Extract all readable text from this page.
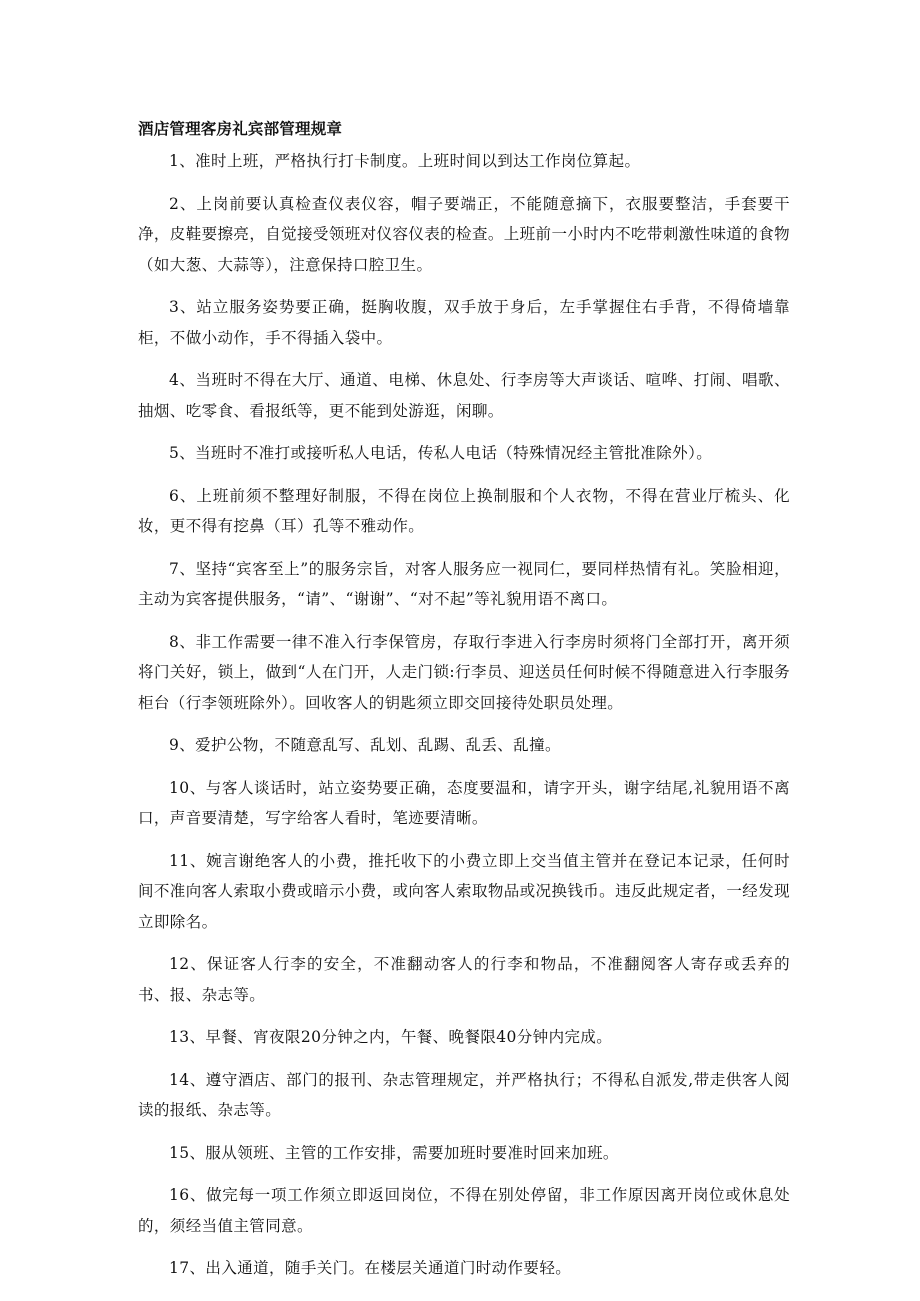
酒店管理客房礼宾部管理规章

1、准时上班，严格执行打卡制度。上班时间以到达工作岗位算起。

2、上岗前要认真检查仪表仪容，帽子要端正，不能随意摘下，衣服要整洁，手套要干净，皮鞋要擦亮，自觉接受领班对仪容仪表的检查。上班前一小时内不吃带刺激性味道的食物（如大葱、大蒜等），注意保持口腔卫生。

3、站立服务姿势要正确，挺胸收腹，双手放于身后，左手掌握住右手背，不得倚墙靠柜，不做小动作，手不得插入袋中。

4、当班时不得在大厅、通道、电梯、休息处、行李房等大声谈话、喧哗、打闹、唱歌、抽烟、吃零食、看报纸等，更不能到处游逛，闲聊。

5、当班时不准打或接听私人电话，传私人电话（特殊情况经主管批准除外）。

6、上班前须不整理好制服，不得在岗位上换制服和个人衣物，不得在营业厅梳头、化妆，更不得有挖鼻（耳）孔等不雅动作。

7、坚持“宾客至上”的服务宗旨，对客人服务应一视同仁，要同样热情有礼。笑脸相迎，主动为宾客提供服务，“请”、“谢谢”、“对不起”等礼貌用语不离口。

8、非工作需要一律不准入行李保管房，存取行李进入行李房时须将门全部打开，离开须将门关好，锁上，做到“人在门开，人走门锁:行李员、迎送员任何时候不得随意进入行李服务柜台（行李领班除外）。回收客人的钥匙须立即交回接待处职员处理。

9、爱护公物，不随意乱写、乱划、乱踢、乱丢、乱撞。

10、与客人谈话时，站立姿势要正确，态度要温和，请字开头，谢字结尾,礼貌用语不离口，声音要清楚，写字给客人看时，笔迹要清晰。

11、婉言谢绝客人的小费，推托收下的小费立即上交当值主管并在登记本记录，任何时间不准向客人索取小费或暗示小费，或向客人索取物品或况换钱币。违反此规定者，一经发现立即除名。

12、保证客人行李的安全，不准翻动客人的行李和物品，不准翻阅客人寄存或丢弃的书、报、杂志等。

13、早餐、宵夜限20分钟之内，午餐、晚餐限40分钟内完成。

14、遵守酒店、部门的报刊、杂志管理规定，并严格执行；不得私自派发,带走供客人阅读的报纸、杂志等。

15、服从领班、主管的工作安排，需要加班时要准时回来加班。

16、做完每一项工作须立即返回岗位，不得在别处停留，非工作原因离开岗位或休息处的，须经当值主管同意。

17、出入通道，随手关门。在楼层关通道门时动作要轻。
